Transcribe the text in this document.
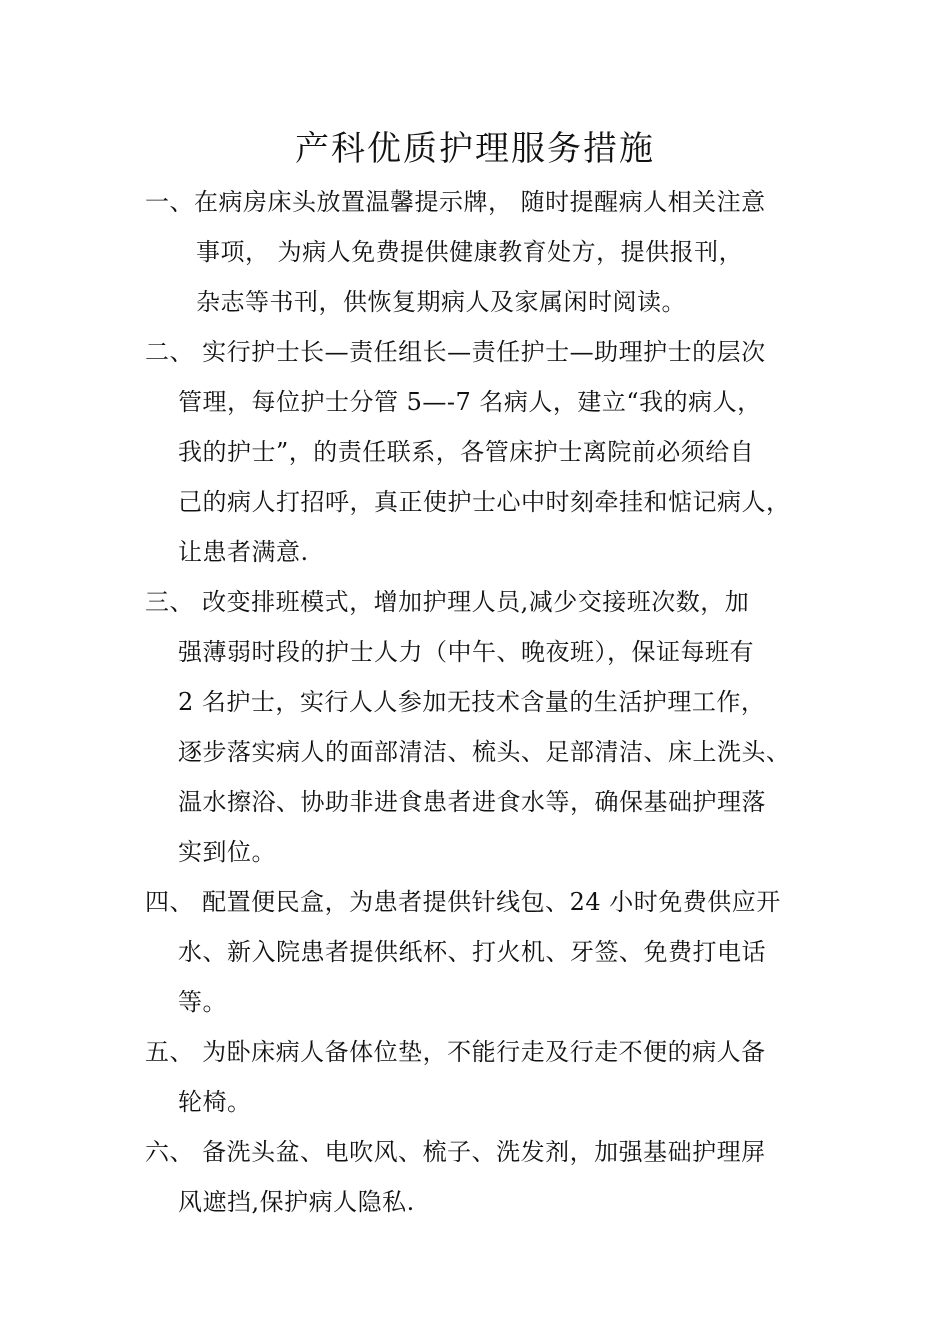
产科优质护理服务措施
一、在病房床头放置温馨提示牌， 随时提醒病人相关注意
事项， 为病人免费提供健康教育处方，提供报刊，
杂志等书刊，供恢复期病人及家属闲时阅读。
二、 实行护士长—责任组长—责任护士—助理护士的层次
管理，每位护士分管 5—-7 名病人，建立“我的病人，
我的护士”，的责任联系，各管床护士离院前必须给自
己的病人打招呼，真正使护士心中时刻牵挂和惦记病人，
让患者满意.
三、 改变排班模式，增加护理人员,减少交接班次数，加
强薄弱时段的护士人力（中午、晚夜班），保证每班有
2 名护士，实行人人参加无技术含量的生活护理工作，
逐步落实病人的面部清洁、梳头、足部清洁、床上洗头、
温水擦浴、协助非进食患者进食水等，确保基础护理落
实到位。
四、 配置便民盒，为患者提供针线包、24 小时免费供应开
水、新入院患者提供纸杯、打火机、牙签、免费打电话
等。
五、 为卧床病人备体位垫，不能行走及行走不便的病人备
轮椅。
六、 备洗头盆、电吹风、梳子、洗发剂，加强基础护理屏
风遮挡,保护病人隐私.
